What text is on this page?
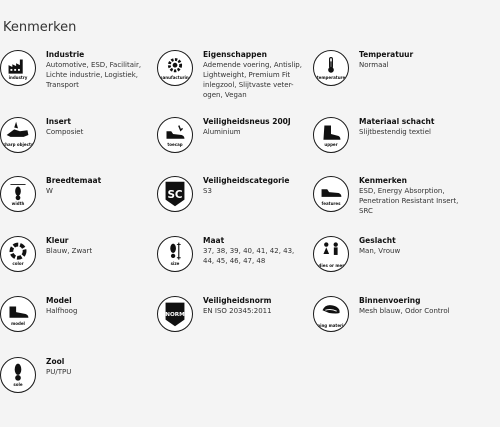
Kenmerken
industry
Industrie
Automotive, ESD, Facilitair,
Lichte industrie, Logistiek,
Transport
manufacturing
Eigenschappen
Ademende voering, Antislip,
Lightweight, Premium Fit
inlegzool, Slijtvaste veter-
ogen, Vegan
temperature
Temperatuur
Normaal
sharp objects
Insert
Composiet
toecap
Veiligheidsneus 200J
Aluminium
upper
Materiaal schacht
Slijtbestendig textiel
width
Breedtemaat
W	SC
Veiligheidscategorie
S3
features
Kenmerken
ESD, Energy Absorption,
Penetration Resistant Insert,
SRC
color
Kleur
Blauw, Zwart
size
Maat
37, 38, 39, 40, 41, 42, 43,
44, 45, 46, 47, 48
ladies or mens
Geslacht
Man, Vrouw
model
Model
Halfhoog	NORM
Veiligheidsnorm
EN ISO 20345:2011
lining material
Binnenvoering
Mesh blauw, Odor Control
sole
Zool
PU/TPU
